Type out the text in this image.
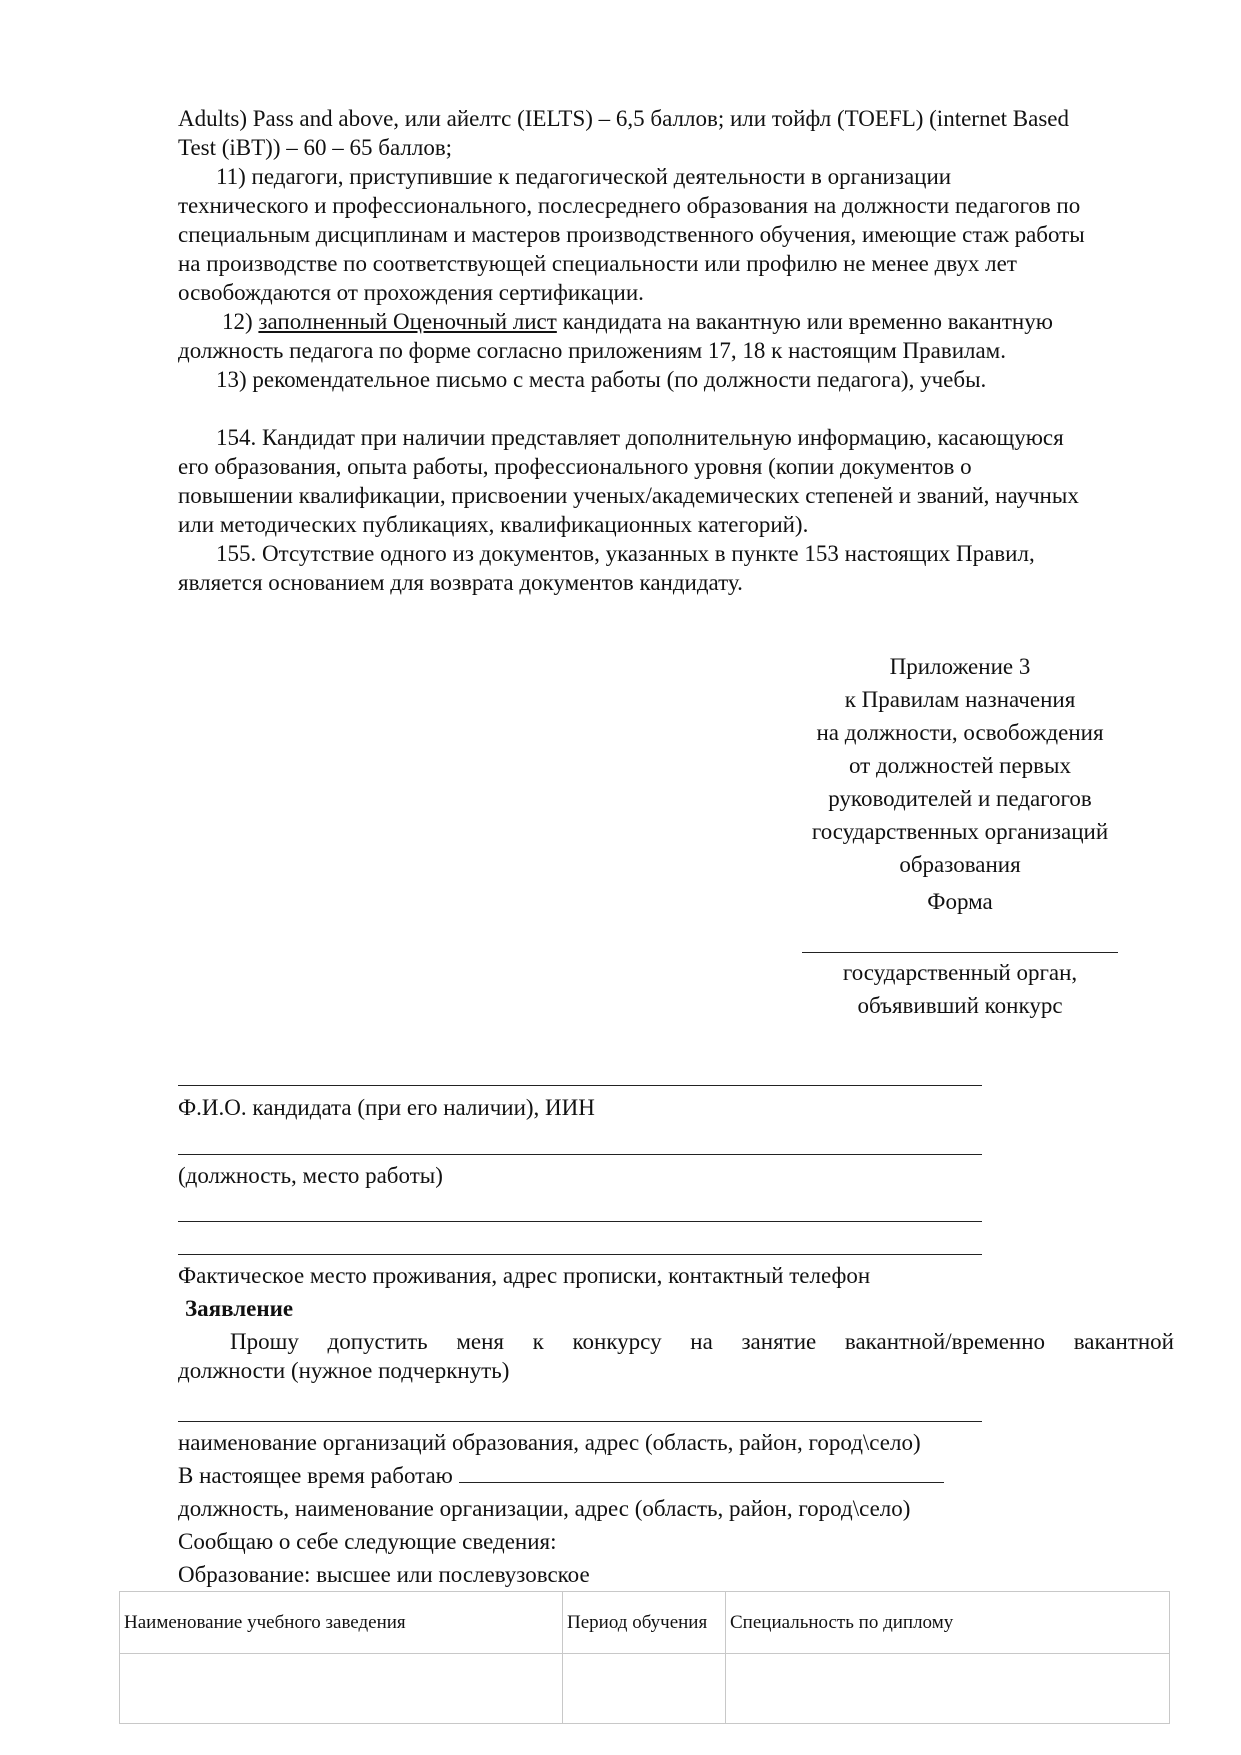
Adults) Pass and above, или айелтс (IELTS) – 6,5 баллов; или тойфл (TOEFL) (internet Based
Test (iBT)) – 60 – 65 баллов;
11) педагоги, приступившие к педагогической деятельности в организации
технического и профессионального, послесреднего образования на должности педагогов по
специальным дисциплинам и мастеров производственного обучения, имеющие стаж работы
на производстве по соответствующей специальности или профилю не менее двух лет
освобождаются от прохождения сертификации.
12) заполненный Оценочный лист кандидата на вакантную или временно вакантную
должность педагога по форме согласно приложениям 17, 18 к настоящим Правилам.
13) рекомендательное письмо с места работы (по должности педагога), учебы.
154. Кандидат при наличии представляет дополнительную информацию, касающуюся
его образования, опыта работы, профессионального уровня (копии документов о
повышении квалификации, присвоении ученых/академических степеней и званий, научных
или методических публикациях, квалификационных категорий).
155. Отсутствие одного из документов, указанных в пункте 153 настоящих Правил,
является основанием для возврата документов кандидату.
Приложение 3
к Правилам назначения
на должности, освобождения
от должностей первых
руководителей и педагогов
государственных организаций
образования
Форма
государственный орган,
объявивший конкурс
Ф.И.О. кандидата (при его наличии), ИИН
(должность, место работы)
Фактическое место проживания, адрес прописки, контактный телефон
Заявление
Прошу допустить меня к конкурсу на занятие вакантной/временно вакантной
должности (нужное подчеркнуть)
наименование организаций образования, адрес (область, район, город\село)
В настоящее время работаю
должность, наименование организации, адрес (область, район, город\село)
Сообщаю о себе следующие сведения:
Образование: высшее или послевузовское
Наименование учебного заведения	Период обучения	Специальность по диплому
